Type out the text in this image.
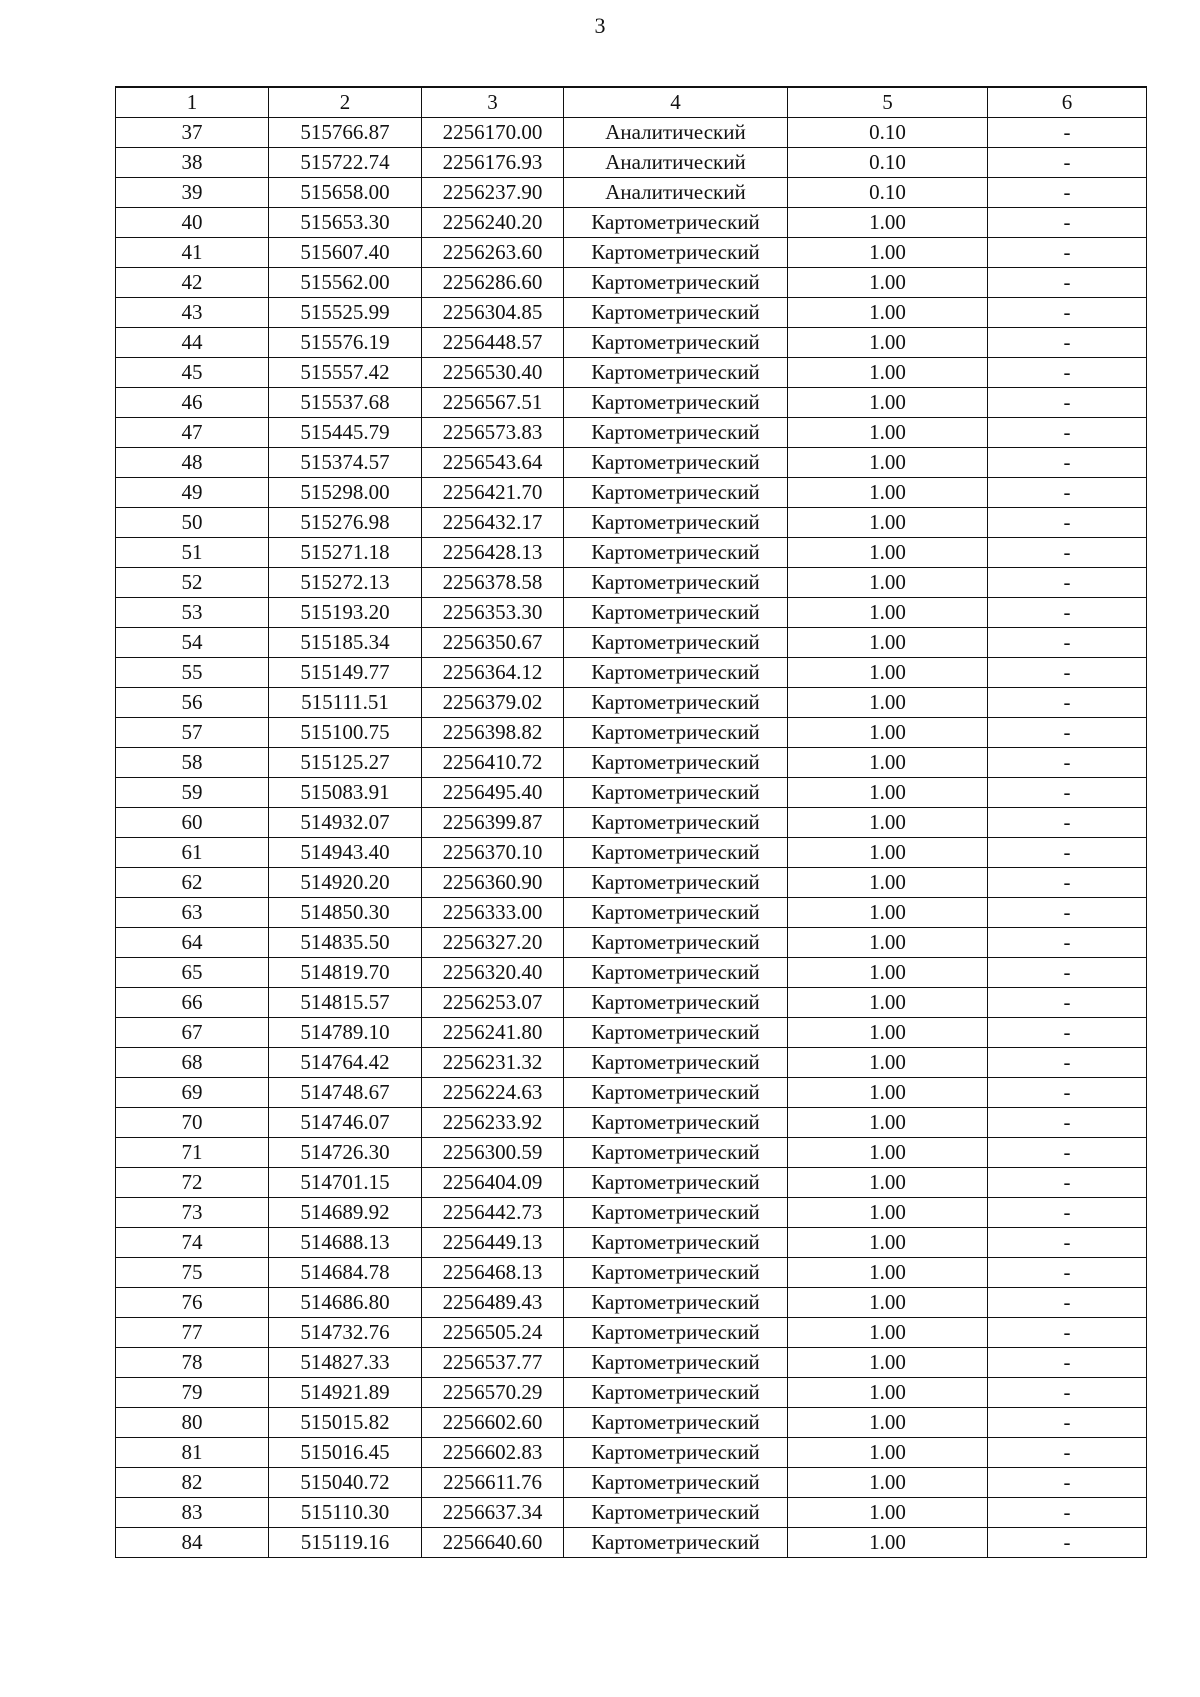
3
1	2	3	4	5	6
37	515766.87	2256170.00	Аналитический	0.10	-
38	515722.74	2256176.93	Аналитический	0.10	-
39	515658.00	2256237.90	Аналитический	0.10	-
40	515653.30	2256240.20	Картометрический	1.00	-
41	515607.40	2256263.60	Картометрический	1.00	-
42	515562.00	2256286.60	Картометрический	1.00	-
43	515525.99	2256304.85	Картометрический	1.00	-
44	515576.19	2256448.57	Картометрический	1.00	-
45	515557.42	2256530.40	Картометрический	1.00	-
46	515537.68	2256567.51	Картометрический	1.00	-
47	515445.79	2256573.83	Картометрический	1.00	-
48	515374.57	2256543.64	Картометрический	1.00	-
49	515298.00	2256421.70	Картометрический	1.00	-
50	515276.98	2256432.17	Картометрический	1.00	-
51	515271.18	2256428.13	Картометрический	1.00	-
52	515272.13	2256378.58	Картометрический	1.00	-
53	515193.20	2256353.30	Картометрический	1.00	-
54	515185.34	2256350.67	Картометрический	1.00	-
55	515149.77	2256364.12	Картометрический	1.00	-
56	515111.51	2256379.02	Картометрический	1.00	-
57	515100.75	2256398.82	Картометрический	1.00	-
58	515125.27	2256410.72	Картометрический	1.00	-
59	515083.91	2256495.40	Картометрический	1.00	-
60	514932.07	2256399.87	Картометрический	1.00	-
61	514943.40	2256370.10	Картометрический	1.00	-
62	514920.20	2256360.90	Картометрический	1.00	-
63	514850.30	2256333.00	Картометрический	1.00	-
64	514835.50	2256327.20	Картометрический	1.00	-
65	514819.70	2256320.40	Картометрический	1.00	-
66	514815.57	2256253.07	Картометрический	1.00	-
67	514789.10	2256241.80	Картометрический	1.00	-
68	514764.42	2256231.32	Картометрический	1.00	-
69	514748.67	2256224.63	Картометрический	1.00	-
70	514746.07	2256233.92	Картометрический	1.00	-
71	514726.30	2256300.59	Картометрический	1.00	-
72	514701.15	2256404.09	Картометрический	1.00	-
73	514689.92	2256442.73	Картометрический	1.00	-
74	514688.13	2256449.13	Картометрический	1.00	-
75	514684.78	2256468.13	Картометрический	1.00	-
76	514686.80	2256489.43	Картометрический	1.00	-
77	514732.76	2256505.24	Картометрический	1.00	-
78	514827.33	2256537.77	Картометрический	1.00	-
79	514921.89	2256570.29	Картометрический	1.00	-
80	515015.82	2256602.60	Картометрический	1.00	-
81	515016.45	2256602.83	Картометрический	1.00	-
82	515040.72	2256611.76	Картометрический	1.00	-
83	515110.30	2256637.34	Картометрический	1.00	-
84	515119.16	2256640.60	Картометрический	1.00	-
